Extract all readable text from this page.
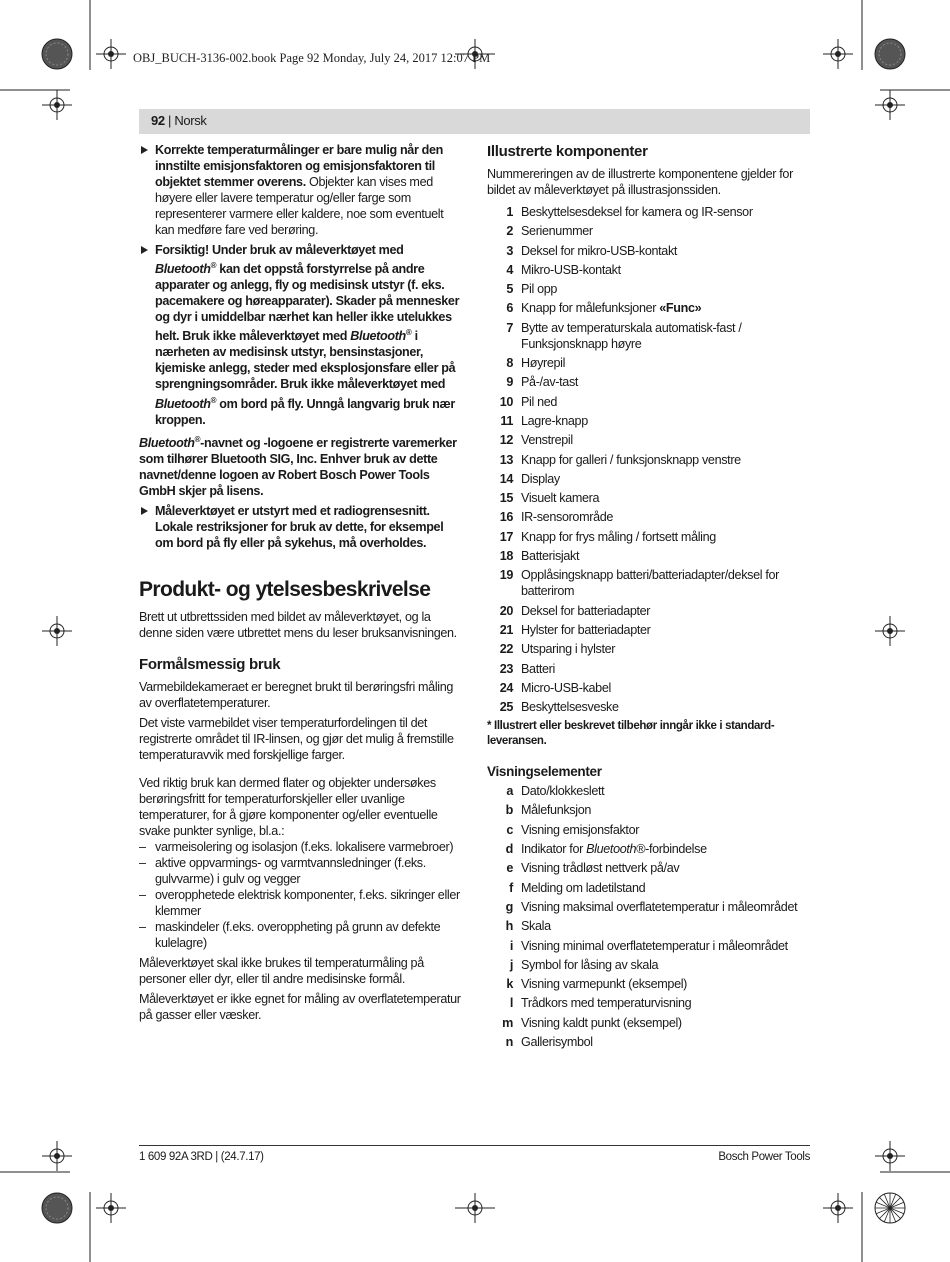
OBJ_BUCH-3136-002.book Page 92 Monday, July 24, 2017 12:07 PM
92 | Norsk
Korrekte temperaturmålinger er bare mulig når den innstilte emisjonsfaktoren og emisjonsfaktoren til objektet stemmer overens. Objekter kan vises med høyere eller lavere temperatur og/eller farge som representerer varmere eller kaldere, noe som eventuelt kan medføre fare ved berøring.
Forsiktig! Under bruk av måleverktøyet med Bluetooth® kan det oppstå forstyrrelse på andre apparater og anlegg, fly og medisinsk utstyr (f. eks. pacemakere og høreapparater). Skader på mennesker og dyr i umiddelbar nærhet kan heller ikke utelukkes helt. Bruk ikke måleverktøyet med Bluetooth® i nærheten av medisinsk utstyr, bensinstasjoner, kjemiske anlegg, steder med eksplosjonsfare eller på sprengningsområder. Bruk ikke måleverktøyet med Bluetooth® om bord på fly. Unngå langvarig bruk nær kroppen.

Bluetooth®-navnet og -logoene er registrerte varemerker som tilhører Bluetooth SIG, Inc. Enhver bruk av dette navnet/denne logoen av Robert Bosch Power Tools GmbH skjer på lisens.

Måleverktøyet er utstyrt med et radiogrensesnitt. Lokale restriksjoner for bruk av dette, for eksempel om bord på fly eller på sykehus, må overholdes.
Produkt- og ytelsesbeskrivelse

Brett ut utbrettssiden med bildet av måleverktøyet, og la denne siden være utbrettet mens du leser bruksanvisningen.

Formålsmessig bruk

Varmebildekameraet er beregnet brukt til berøringsfri måling av overflatetemperaturer.

Det viste varmebildet viser temperaturfordelingen til det registrerte området til IR-linsen, og gjør det mulig å fremstille temperaturavvik med forskjellige farger.

Ved riktig bruk kan dermed flater og objekter undersøkes berøringsfritt for temperaturforskjeller eller uvanlige temperaturer, for å gjøre komponenter og/eller eventuelle svake punkter synlige, bl.a.:

– varmeisolering og isolasjon (f.eks. lokalisere varmebroer)
– aktive oppvarmings- og varmtvannsledninger (f.eks. gulvvarme) i gulv og vegger
– overopphetede elektrisk komponenter, f.eks. sikringer eller klemmer
– maskindeler (f.eks. overoppheting på grunn av defekte kulelagre)

Måleverktøyet skal ikke brukes til temperaturmåling på personer eller dyr, eller til andre medisinske formål.

Måleverktøyet er ikke egnet for måling av overflatetemperatur på gasser eller væsker.

Illustrerte komponenter

Nummereringen av de illustrerte komponentene gjelder for bildet av måleverktøyet på illustrasjonssiden.

1 Beskyttelsesdeksel for kamera og IR-sensor
2 Serienummer
3 Deksel for mikro-USB-kontakt
4 Mikro-USB-kontakt
5 Pil opp
6 Knapp for målefunksjoner «Func»
7 Bytte av temperaturskala automatisk-fast / Funksjonsknapp høyre
8 Høyrepil
9 På-/av-tast
10 Pil ned
11 Lagre-knapp
12 Venstrepil
13 Knapp for galleri / funksjonsknapp venstre
14 Display
15 Visuelt kamera
16 IR-sensorområde
17 Knapp for frys måling / fortsett måling
18 Batterisjakt
19 Opplåsingsknapp batteri/batteriadapter/deksel for batterirom
20 Deksel for batteriadapter
21 Hylster for batteriadapter
22 Utsparing i hylster
23 Batteri
24 Micro-USB-kabel
25 Beskyttelsesveske
* Illustrert eller beskrevet tilbehør inngår ikke i standard-leveransen.
Visningselementer
a Dato/klokkeslett
b Målefunksjon
c Visning emisjonsfaktor
d Indikator for Bluetooth®-forbindelse
e Visning trådløst nettverk på/av
f Melding om ladetilstand
g Visning maksimal overflatetemperatur i måleområdet
h Skala
i Visning minimal overflatetemperatur i måleområdet
j Symbol for låsing av skala
k Visning varmepunkt (eksempel)
l Trådkors med temperaturvisning
m Visning kaldt punkt (eksempel)
n Gallerisymbol
1 609 92A 3RD | (24.7.17)	Bosch Power Tools
